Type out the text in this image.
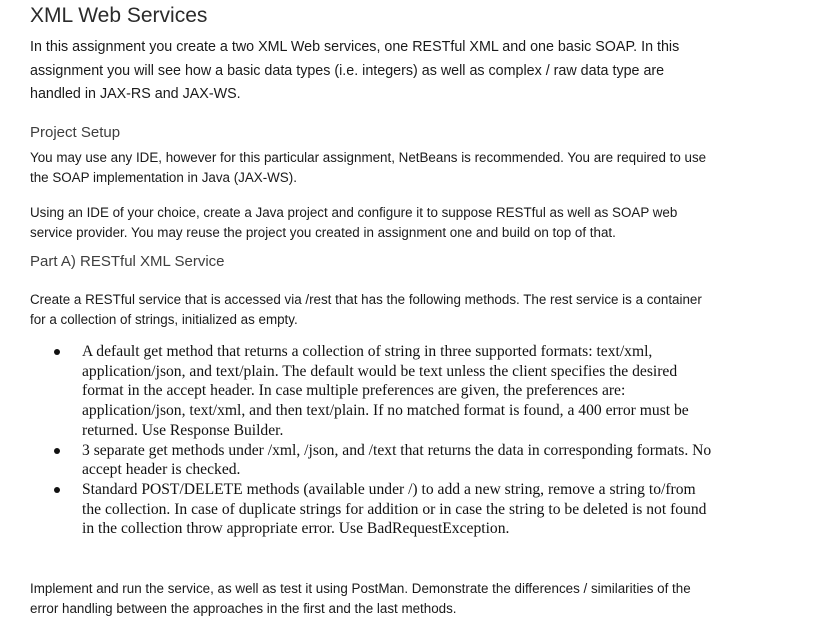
XML Web Services
In this assignment you create a two XML Web services, one RESTful XML and one basic SOAP. In this assignment you will see how a basic data types (i.e. integers) as well as complex / raw data type are handled in JAX-RS and JAX-WS.
Project Setup
You may use any IDE, however for this particular assignment, NetBeans is recommended. You are required to use the SOAP implementation in Java (JAX-WS).
Using an IDE of your choice, create a Java project and configure it to suppose RESTful as well as SOAP web service provider. You may reuse the project you created in assignment one and build on top of that.
Part A) RESTful XML Service
Create a RESTful service that is accessed via /rest that has the following methods. The rest service is a container for a collection of strings, initialized as empty.
A default get method that returns a collection of string in three supported formats: text/xml, application/json, and text/plain. The default would be text unless the client specifies the desired format in the accept header. In case multiple preferences are given, the preferences are: application/json, text/xml, and then text/plain. If no matched format is found, a 400 error must be returned. Use Response Builder.
3 separate get methods under /xml, /json, and /text that returns the data in corresponding formats. No accept header is checked.
Standard POST/DELETE methods (available under /) to add a new string, remove a string to/from the collection. In case of duplicate strings for addition or in case the string to be deleted is not found in the collection throw appropriate error. Use BadRequestException.
Implement and run the service, as well as test it using PostMan. Demonstrate the differences / similarities of the error handling between the approaches in the first and the last methods.
